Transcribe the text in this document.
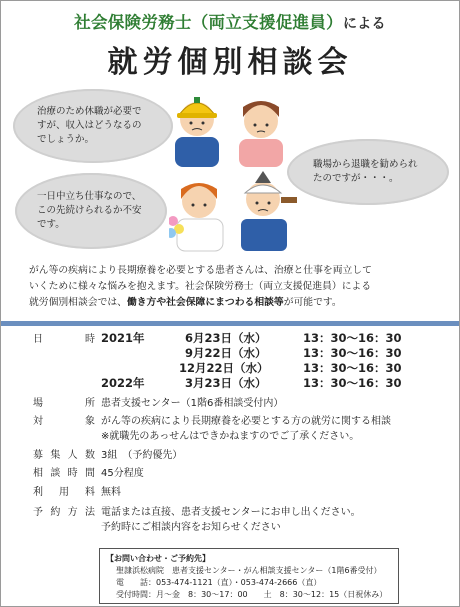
社会保険労務士（両立支援促進員）による
就労個別相談会
治療のため休職が必要ですが、収入はどうなるのでしょうか。
職場から退職を勧められたのですが・・・。
一日中立ち仕事なので、この先続けられるか不安です。
がん等の疾病により長期療養を必要とする患者さんは、治療と仕事を両立して
いくために様々な悩みを抱えます。社会保険労務士（両立支援促進員）による
就労個別相談会では、働き方や社会保障にまつわる相談等が可能です。
日	時 2021年	6月23日（水）	13：30～16：30
9月22日（水）	13：30～16：30
12月22日（水）	13：30～16：30
2022年	3月23日（水）	13：30～16：30
場	所 患者支援センター（1階6番相談受付内）
対	象 がん等の疾病により長期療養を必要とする方の就労に関する相談
※就職先のあっせんはできかねますのでご了承ください。
募 集 人 数 3組　（予約優先）
相 談 時 間 45分程度
利 用 料 無料
予 約 方 法 電話または直接、患者支援センターにお申し出ください。
予約時にご相談内容をお知らせください
【お問い合わせ・ご予約先】
聖隷浜松病院　患者支援センター・がん相談支援センター（1階6番受付）
電　　話：053-474-1121（直）・053-474-2666（直）
受付時間：月～金　8：30～17：00　　土　8：30～12：15（日祝休み）
